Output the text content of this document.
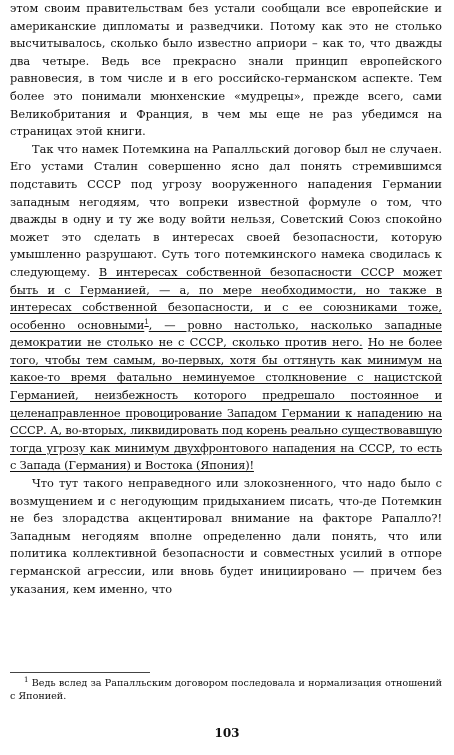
этом своим правительствам без устали сообщали все европейские и американские дипломаты и разведчики. Потому как это не столько высчитывалось, сколько было известно априори – как то, что дважды два четыре. Ведь все прекрасно знали принцип европейского равновесия, в том числе и в его российско-германском аспекте. Тем более это понимали мюнхенские «мудрецы», прежде всего, сами Великобритания и Франция, в чем мы еще не раз убедимся на страницах этой книги.

Так что намек Потемкина на Рапалльский договор был не случаен. Его устами Сталин совершенно ясно дал понять стремившимся подставить СССР под угрозу вооруженного нападения Германии западным негодяям, что вопреки известной формуле о том, что дважды в одну и ту же воду войти нельзя, Советский Союз спокойно может это сделать в интересах своей безопасности, которую умышленно разрушают. Суть того потемкинского намека сводилась к следующему. В интересах собственной безопасности СССР может быть и с Германией, — а, по мере необходимости, но также в интересах собственной безопасности, и с ее союзниками тоже, особенно основными$^1$, — ровно настолько, насколько западные демократии не столько не с СССР, сколько против него. Но не более того, чтобы тем самым, во-первых, хотя бы оттянуть как минимум на какое-то время фатально неминуемое столкновение с нацистской Германией, неизбежность которого предрешало постоянное и целенаправленное провоцирование Западом Германии к нападению на СССР. А, во-вторых, ликвидировать под корень реально существовавшую тогда угрозу как минимум двухфронтового нападения на СССР, то есть с Запада (Германия) и Востока (Япония)!

Что тут такого неправедного или злокозненного, что надо было с возмущением и с негодующим придыханием писать, что-де Потемкин не без злорадства акцентировал внимание на факторе Рапалло?! Западным негодяям вполне определенно дали понять, что или политика коллективной безопасности и совместных усилий в отпоре германской агрессии, или вновь будет инициировано — причем без указания, кем именно, что

$^1$ Ведь вслед за Рапалльским договором последовала и нормализация отношений с Японией.

103
